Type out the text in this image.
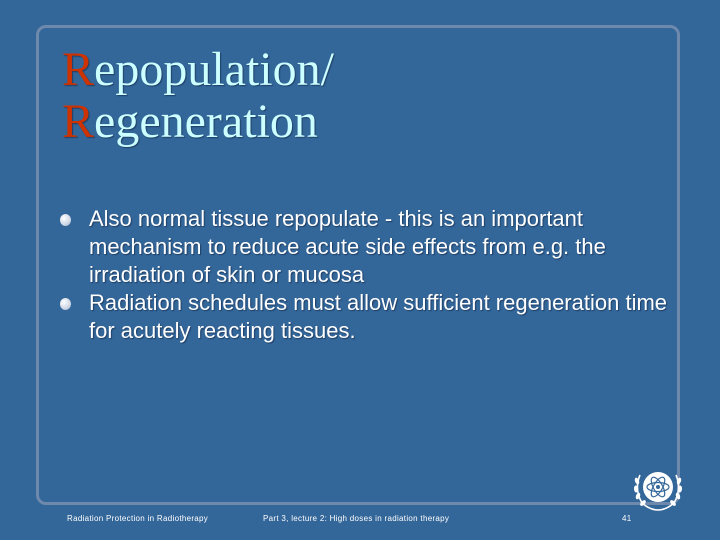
Repopulation/
Regeneration
Also normal tissue repopulate - this is an important mechanism to reduce acute side effects from e.g. the irradiation of skin or mucosa
Radiation schedules must allow sufficient regeneration time for acutely reacting tissues.
Radiation Protection in Radiotherapy	Part 3, lecture 2: High doses in radiation therapy	41
